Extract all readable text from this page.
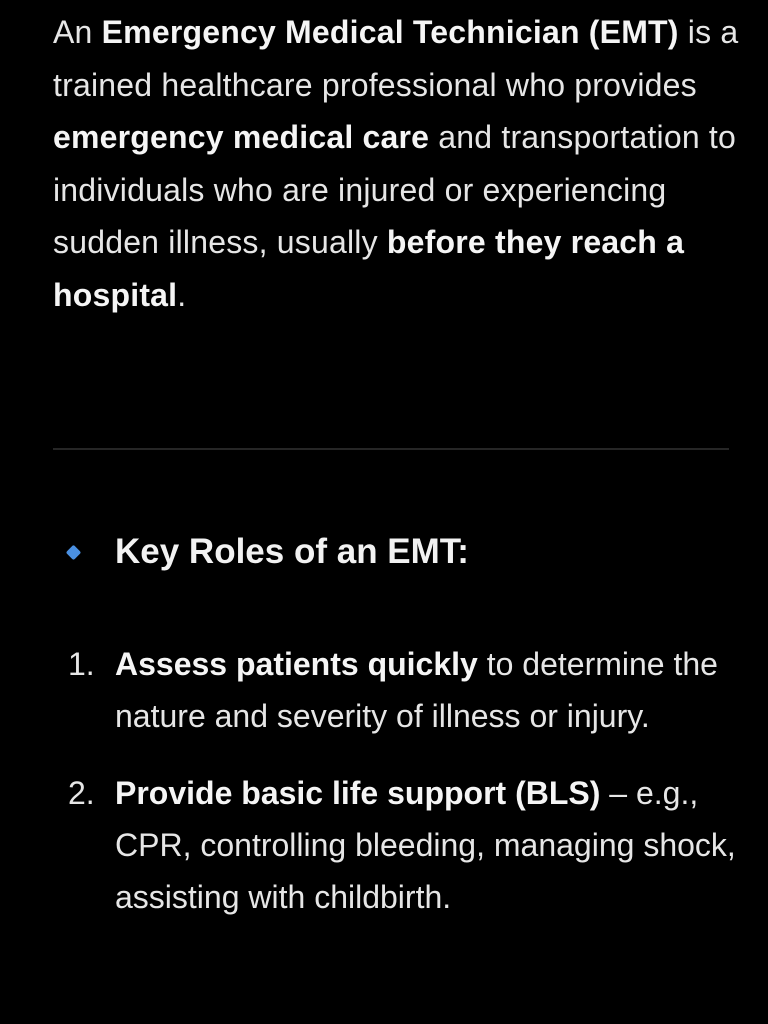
An Emergency Medical Technician (EMT) is a trained healthcare professional who provides emergency medical care and transportation to individuals who are injured or experiencing sudden illness, usually before they reach a hospital.

Key Roles of an EMT:
1. Assess patients quickly to determine the nature and severity of illness or injury.
2. Provide basic life support (BLS) – e.g., CPR, controlling bleeding, managing shock, assisting with childbirth.
